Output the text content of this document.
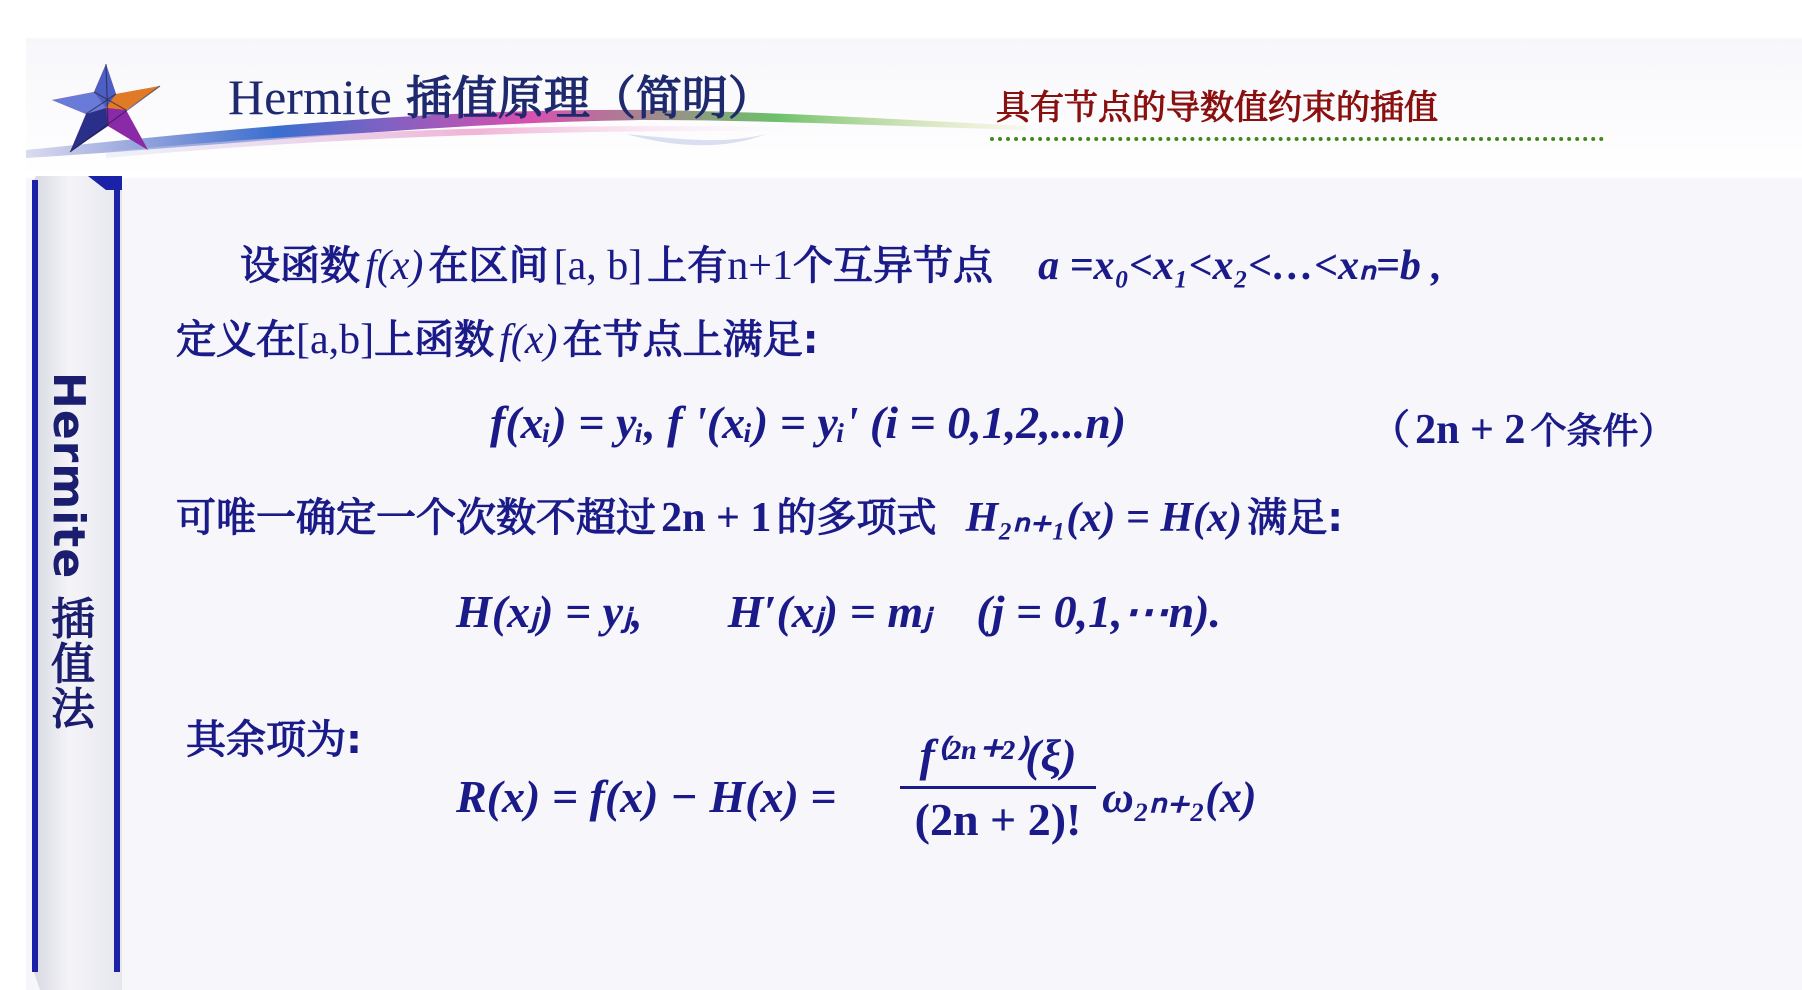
Hermite 插值原理（简明）	具有节点的导数值约束的插值
Hermite 插值法
设函数 f(x) 在区间 [a, b] 上有n+1个互异节点 a =x₀<x₁<x₂<…<xₙ=b ,
定义在[a,b]上函数 f(x) 在节点上满足:
f(xᵢ) = yᵢ, f '(xᵢ) = yᵢ' (i = 0,1,2,...n)	（ 2n + 2 个条件）
可唯一确定一个次数不超过 2n + 1 的多项式 H₂ₙ₊₁(x) = H(x) 满足:
H(xⱼ) = yⱼ, H′(xⱼ) = mⱼ (j = 0,1,⋯n).
其余项为:
R(x) = f(x) − H(x) =
f⁽²ⁿ⁺²⁾(ξ)
(2n + 2)! ω₂ₙ₊₂(x)
